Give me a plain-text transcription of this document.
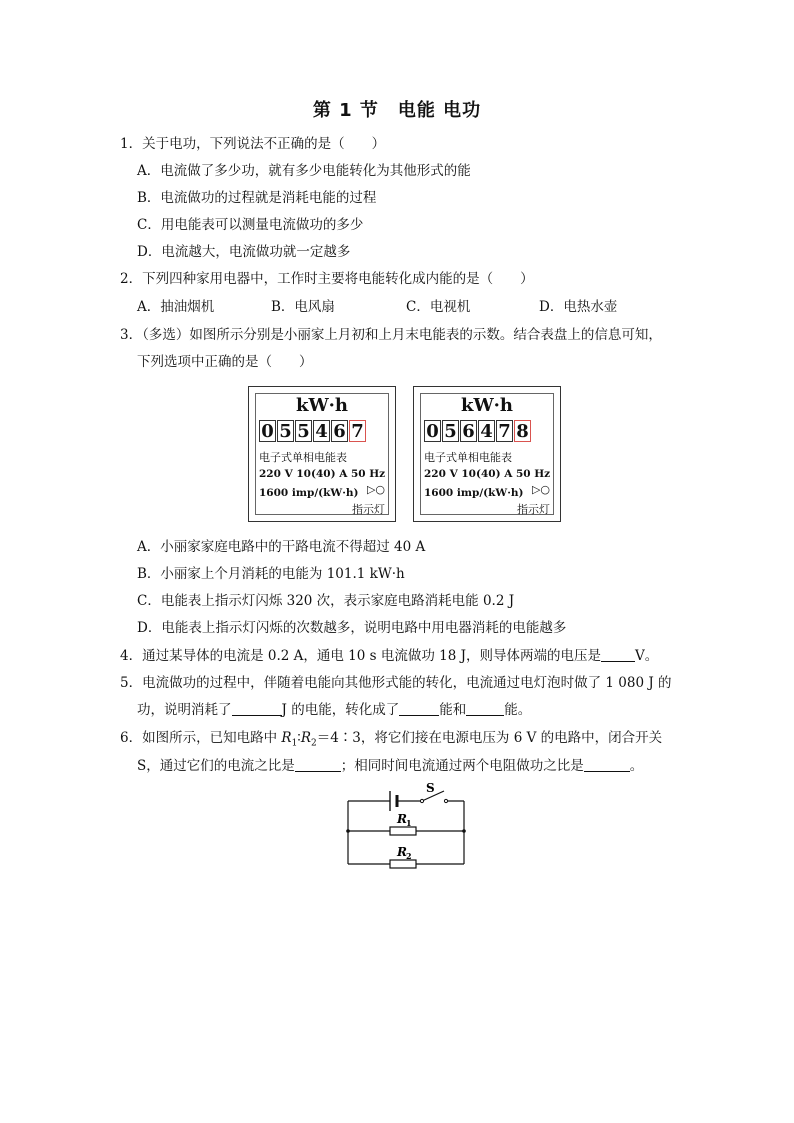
第 1 节　电能 电功
1．关于电功，下列说法不正确的是（　　）
A．电流做了多少功，就有多少电能转化为其他形式的能
B．电流做功的过程就是消耗电能的过程
C．用电能表可以测量电流做功的多少
D．电流越大，电流做功就一定越多
2．下列四种家用电器中，工作时主要将电能转化成内能的是（　　）
A．抽油烟机	B．电风扇	C．电视机	D．电热水壶
3．（多选）如图所示分别是小丽家上月初和上月末电能表的示数。结合表盘上的信息可知，
下列选项中正确的是（　　）
kW·h
0 5 5 4 6 7
电子式单相电能表
220 V 10(40) A 50 Hz
1600 imp/(kW·h) ▷○
指示灯
kW·h
0 5 6 4 7 8
电子式单相电能表
220 V 10(40) A 50 Hz
1600 imp/(kW·h) ▷○
指示灯
A．小丽家家庭电路中的干路电流不得超过 40 A
B．小丽家上个月消耗的电能为 101.1 kW·h
C．电能表上指示灯闪烁 320 次，表示家庭电路消耗电能 0.2 J
D．电能表上指示灯闪烁的次数越多，说明电路中用电器消耗的电能越多
4．通过某导体的电流是 0.2 A，通电 10 s 电流做功 18 J，则导体两端的电压是	V。
5．电流做功的过程中，伴随着电能向其他形式能的转化，电流通过电灯泡时做了 1 080 J 的
功，说明消耗了	J 的电能，转化成了	能和	能。
6．如图所示，已知电路中 $R_1∶R_2=4∶3$，将它们接在电源电压为 6 V 的电路中，闭合开关
S，通过它们的电流之比是	；相同时间电流通过两个电阻做功之比是	。
S
R 1
R 2
